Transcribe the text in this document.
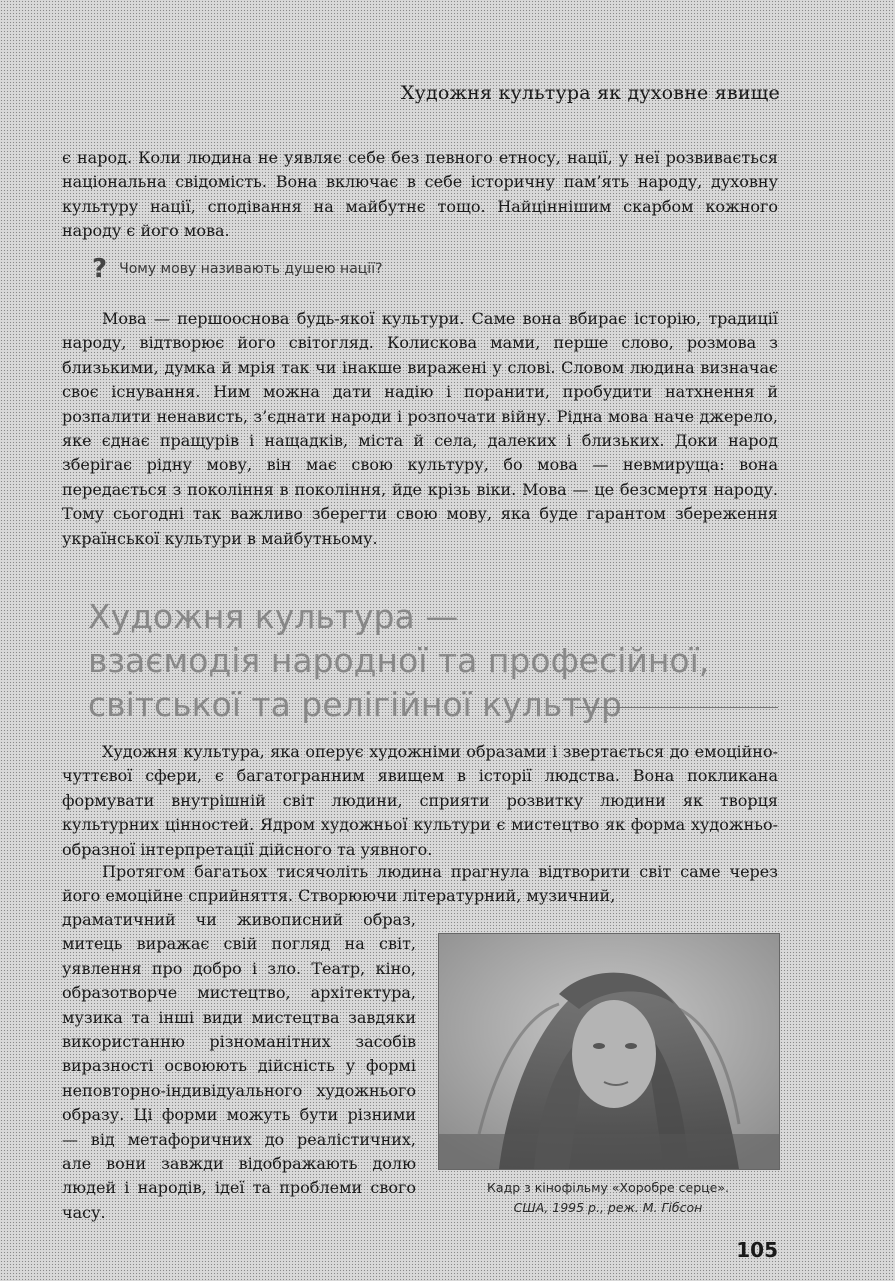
Художня культура як духовне явище

є народ. Коли людина не уявляє себе без певного етносу, нації, у неї розвивається національна свідомість. Вона включає в себе історичну пам’ять народу, духовну культуру нації, сподівання на майбутнє тощо. Найціннішим скарбом кожного народу є його мова.

? Чому мову називають душею нації?

Мова — першооснова будь-якої культури. Саме вона вбирає історію, традиції народу, відтворює його світогляд. Колискова мами, перше слово, розмова з близькими, думка й мрія так чи інакше виражені у слові. Словом людина визначає своє існування. Ним можна дати надію і поранити, пробудити натхнення й розпалити ненависть, з’єднати народи і розпочати війну. Рідна мова наче джерело, яке єднає пращурів і нащадків, міста й села, далеких і близьких. Доки народ зберігає рідну мову, він має свою культуру, бо мова — невмируща: вона передається з покоління в покоління, йде крізь віки. Мова — це безсмертя народу. Тому сьогодні так важливо зберегти свою мову, яка буде гарантом збереження української культури в майбутньому.

Художня культура —
взаємодія народної та професійної,
світської та релігійної культур

Художня культура, яка оперує художніми образами і звертається до емоційно-чуттєвої сфери, є багатогранним явищем в історії людства. Вона покликана формувати внутрішній світ людини, сприяти розвитку людини як творця культурних цінностей. Ядром художньої культури є мистецтво як форма художньо-образної інтерпретації дійсного та уявного.

Протягом багатьох тисячоліть людина прагнула відтворити світ саме через його емоційне сприйняття. Створюючи літературний, музичний,

драматичний чи живописний образ, митець виражає свій погляд на світ, уявлення про добро і зло. Театр, кіно, образотворче мистецтво, архітектура, музика та інші види мистецтва завдяки використанню різноманітних засобів виразності освоюють дійсність у формі неповторно-індивідуального художнього образу. Ці форми можуть бути різними — від метафоричних до реалістичних, але вони завжди відображають долю людей і народів, ідеї та проблеми свого часу.

Кадр з кінофільму «Хоробре серце».
США, 1995 р., реж. М. Гібсон
105
